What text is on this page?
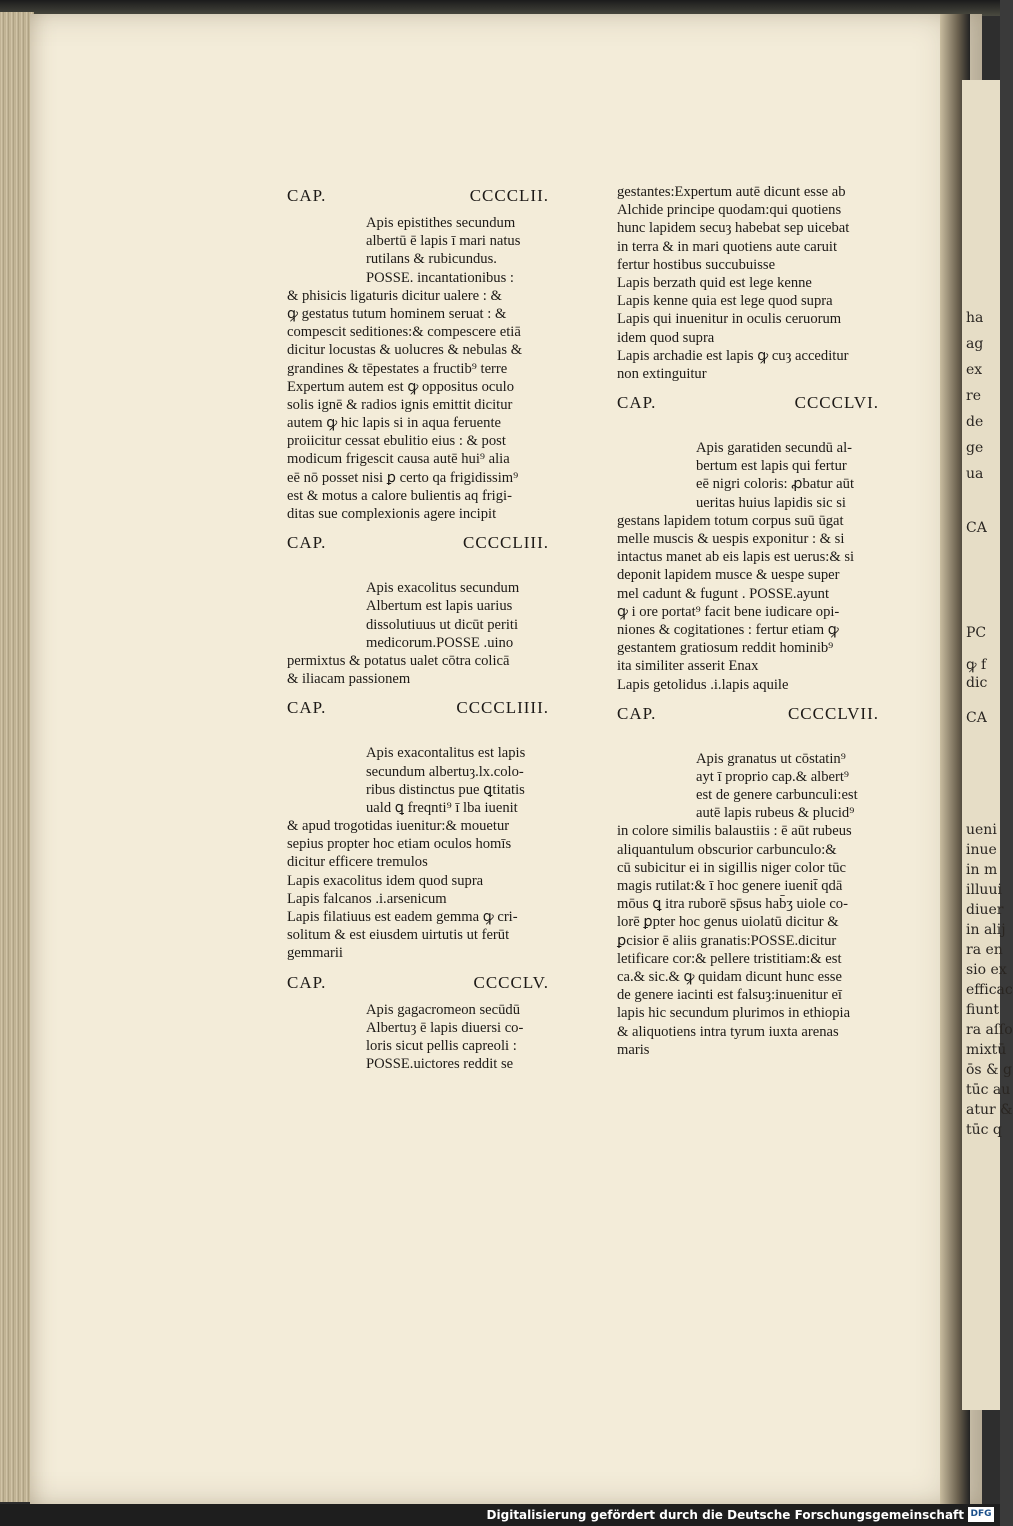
ha
ag
ex
re
de
ge
ua
CA
PC
ꝙ f
dic
CA
ueni
inue
in m
illuui
diuer
in alij
ra en
sio ex
efficac
fiunt
ra aſſo
mixtū
ōs & g
tūc au
atur &
tūc q
CAP.	CCCCLII.
Apis epistithes secundum
albertū ē lapis ī mari natus
rutilans & rubicundus.
POSSE. incantationibus :
& phisicis ligaturis dicitur ualere : &
ꝙ gestatus tutum hominem seruat : &
compescit seditiones:& compescere etiā
dicitur locustas & uolucres & nebulas &
grandines & tēpestates a fructib⁹ terre
Expertum autem est ꝙ oppositus oculo
solis ignē & radios ignis emittit dicitur
autem ꝙ hic lapis si in aqua feruente
proiicitur cessat ebulitio eius : & post
modicum frigescit causa autē hui⁹ alia
eē nō posset nisi ꝑ certo qa frigidissim⁹
est & motus a calore bulientis aq frigi-
ditas sue complexionis agere incipit
CAP.	CCCCLIII.
Apis exacolitus secundum
Albertum est lapis uarius
dissolutiuus ut dicūt periti
medicorum.POSSE .uino
permixtus & potatus ualet cōtra colicā
& iliacam passionem
CAP.	CCCCLIIII.
Apis exacontalitus est lapis
secundum albertuȝ.lx.colo-
ribus distinctus pue ꝗtitatis
uald ꝗ freqnti⁹ ī lba iuenit
& apud trogotidas iuenitur:& mouetur
sepius propter hoc etiam oculos homīs
dicitur efficere tremulos
Lapis exacolitus idem quod supra
Lapis falcanos .i.arsenicum
Lapis filatiuus est eadem gemma ꝙ cri-
solitum & est eiusdem uirtutis ut ferūt
gemmarii
CAP.	CCCCLV.
Apis gagacromeon secūdū
Albertuȝ ē lapis diuersi co-
loris sicut pellis capreoli :
POSSE.uictores reddit se
gestantes:Expertum autē dicunt esse ab
Alchide principe quodam:qui quotiens
hunc lapidem secuȝ habebat sep uicebat
in terra & in mari quotiens aute caruit
fertur hostibus succubuisse
Lapis berzath quid est lege kenne
Lapis kenne quia est lege quod supra
Lapis qui inuenitur in oculis ceruorum
idem quod supra
Lapis archadie est lapis ꝙ cuȝ acceditur
non extinguitur
CAP.	CCCCLVI.
Apis garatiden secundū al-
bertum est lapis qui fertur
eē nigri coloris: ꝓbatur aūt
ueritas huius lapidis sic si
gestans lapidem totum corpus suū ūgat
melle muscis & uespis exponitur : & si
intactus manet ab eis lapis est uerus:& si
deponit lapidem musce & uespe super
mel cadunt & fugunt . POSSE.ayunt
ꝙ i ore portat⁹ facit bene iudicare opi-
niones & cogitationes : fertur etiam ꝙ
gestantem gratiosum reddit hominib⁹
ita similiter asserit Enax
Lapis getolidus .i.lapis aquile
CAP.	CCCCLVII.
Apis granatus ut cōstatin⁹
ayt ī proprio cap.& albert⁹
est de genere carbunculi:est
autē lapis rubeus & plucid⁹
in colore similis balaustiis : ē aūt rubeus
aliquantulum obscurior carbunculo:&
cū subicitur ei in sigillis niger color tūc
magis rutilat:& ī hoc genere iuenit̄ qdā
mōus ꝗ itra ruborē sp̄sus hab̄ʒ uiole co-
lorē ꝑpter hoc genus uiolatū dicitur &
ꝑcisior ē aliis granatis:POSSE.dicitur
letificare cor:& pellere tristitiam:& est
ca.& sic.& ꝙ quidam dicunt hunc esse
de genere iacinti est falsuȝ:inuenitur eī
lapis hic secundum plurimos in ethiopia
& aliquotiens intra tyrum iuxta arenas
maris
Digitalisierung gefördert durch die Deutsche Forschungsgemeinschaft DFG
